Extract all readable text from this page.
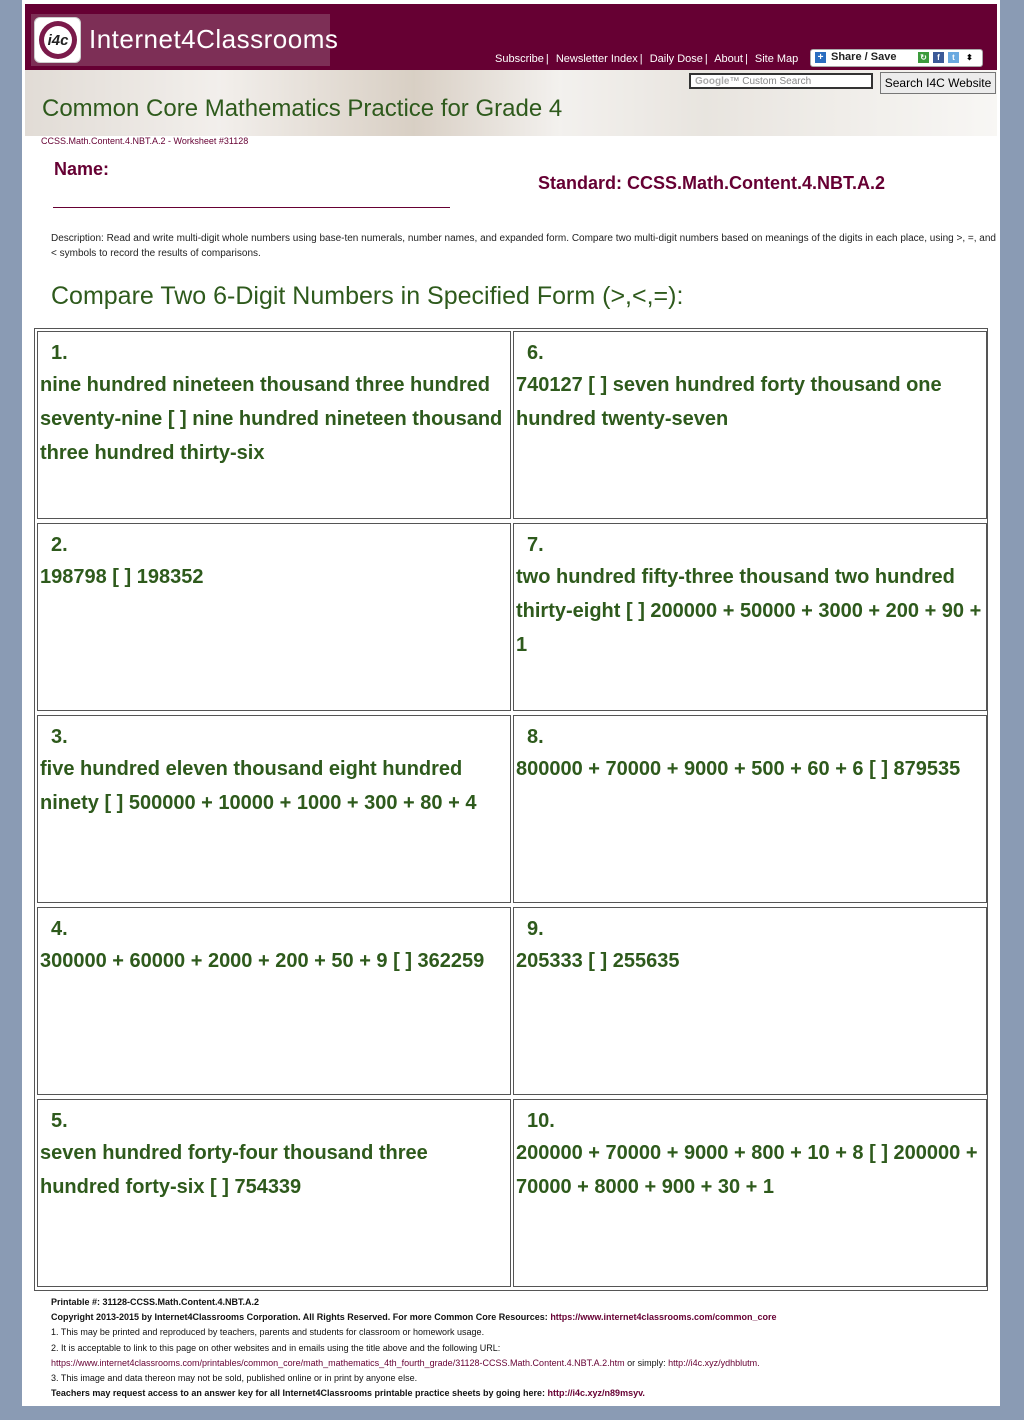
i4c Internet4Classrooms
Subscribe | Newsletter Index | Daily Dose | About | Site Map + Share / Save	↻	f	t	⬍
Google™ Custom Search	Search I4C Website
Common Core Mathematics Practice for Grade 4
CCSS.Math.Content.4.NBT.A.2 - Worksheet #31128
Name:
Standard: CCSS.Math.Content.4.NBT.A.2
Description: Read and write multi-digit whole numbers using base-ten numerals, number names, and expanded form. Compare two multi-digit numbers based on meanings of the digits in each place, using >, =, and < symbols to record the results of comparisons.
Compare Two 6-Digit Numbers in Specified Form (>,<,=):
1.
nine hundred nineteen thousand three hundred seventy-nine [ ] nine hundred nineteen thousand three hundred thirty-six
6.
740127 [ ] seven hundred forty thousand one hundred twenty-seven
2.
198798 [ ] 198352
7.
two hundred fifty-three thousand two hundred thirty-eight [ ] 200000 + 50000 + 3000 + 200 + 90 + 1
3.
five hundred eleven thousand eight hundred ninety [ ] 500000 + 10000 + 1000 + 300 + 80 + 4
8.
800000 + 70000 + 9000 + 500 + 60 + 6 [ ] 879535
4.
300000 + 60000 + 2000 + 200 + 50 + 9 [ ] 362259
9.
205333 [ ] 255635
5.
seven hundred forty-four thousand three hundred forty-six [ ] 754339
10.
200000 + 70000 + 9000 + 800 + 10 + 8 [ ] 200000 + 70000 + 8000 + 900 + 30 + 1
Printable #: 31128-CCSS.Math.Content.4.NBT.A.2
Copyright 2013-2015 by Internet4Classrooms Corporation. All Rights Reserved. For more Common Core Resources: https://www.internet4classrooms.com/common_core
1. This may be printed and reproduced by teachers, parents and students for classroom or homework usage.
2. It is acceptable to link to this page on other websites and in emails using the title above and the following URL:
https://www.internet4classrooms.com/printables/common_core/math_mathematics_4th_fourth_grade/31128-CCSS.Math.Content.4.NBT.A.2.htm or simply: http://i4c.xyz/ydhblutm.
3. This image and data thereon may not be sold, published online or in print by anyone else.
Teachers may request access to an answer key for all Internet4Classrooms printable practice sheets by going here: http://i4c.xyz/n89msyv.
